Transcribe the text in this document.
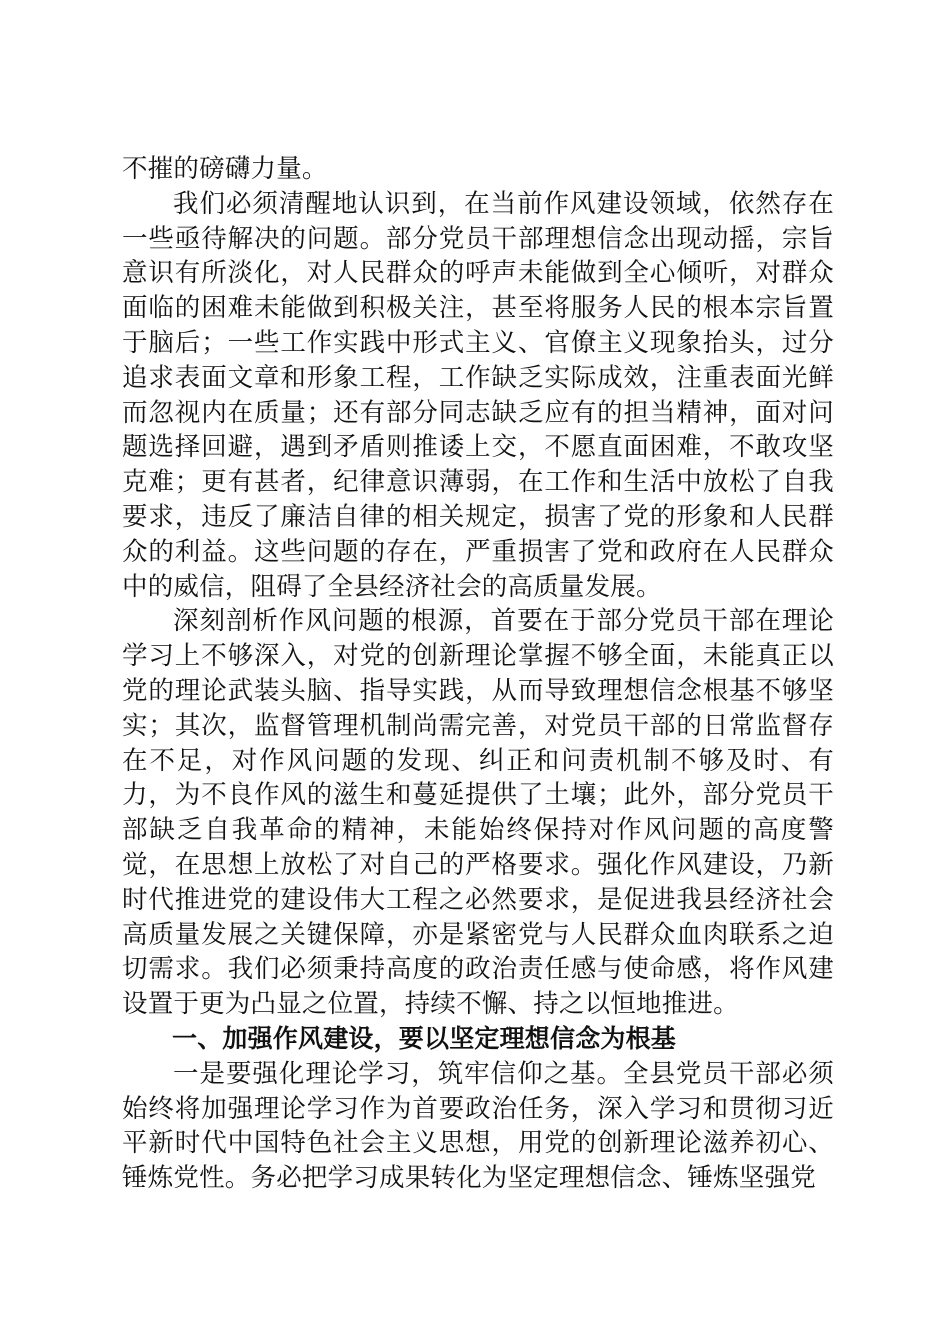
不摧的磅礴力量。

我们必须清醒地认识到，在当前作风建设领域，依然存在一些亟待解决的问题。部分党员干部理想信念出现动摇，宗旨意识有所淡化，对人民群众的呼声未能做到全心倾听，对群众面临的困难未能做到积极关注，甚至将服务人民的根本宗旨置于脑后；一些工作实践中形式主义、官僚主义现象抬头，过分追求表面文章和形象工程，工作缺乏实际成效，注重表面光鲜而忽视内在质量；还有部分同志缺乏应有的担当精神，面对问题选择回避，遇到矛盾则推诿上交，不愿直面困难，不敢攻坚克难；更有甚者，纪律意识薄弱，在工作和生活中放松了自我要求，违反了廉洁自律的相关规定，损害了党的形象和人民群众的利益。这些问题的存在，严重损害了党和政府在人民群众中的威信，阻碍了全县经济社会的高质量发展。

深刻剖析作风问题的根源，首要在于部分党员干部在理论学习上不够深入，对党的创新理论掌握不够全面，未能真正以党的理论武装头脑、指导实践，从而导致理想信念根基不够坚实；其次，监督管理机制尚需完善，对党员干部的日常监督存在不足，对作风问题的发现、纠正和问责机制不够及时、有力，为不良作风的滋生和蔓延提供了土壤；此外，部分党员干部缺乏自我革命的精神，未能始终保持对作风问题的高度警觉，在思想上放松了对自己的严格要求。强化作风建设，乃新时代推进党的建设伟大工程之必然要求，是促进我县经济社会高质量发展之关键保障，亦是紧密党与人民群众血肉联系之迫切需求。我们必须秉持高度的政治责任感与使命感，将作风建设置于更为凸显之位置，持续不懈、持之以恒地推进。

一、加强作风建设，要以坚定理想信念为根基

一是要强化理论学习，筑牢信仰之基。全县党员干部必须始终将加强理论学习作为首要政治任务，深入学习和贯彻习近平新时代中国特色社会主义思想，用党的创新理论滋养初心、锤炼党性。务必把学习成果转化为坚定理想信念、锤炼坚强党
